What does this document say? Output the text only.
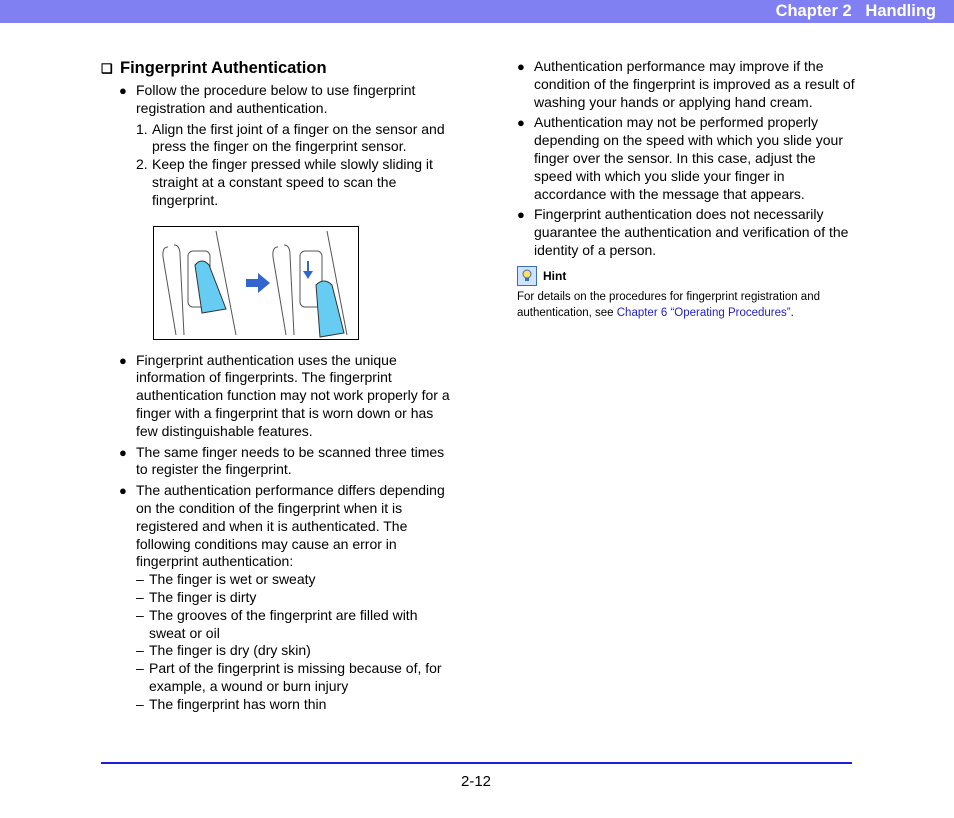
Chapter 2   Handling
❏ Fingerprint Authentication
● Follow the procedure below to use fingerprint registration and authentication.
1. Align the first joint of a finger on the sensor and press the finger on the fingerprint sensor.
2. Keep the finger pressed while slowly sliding it straight at a constant speed to scan the fingerprint.
● Fingerprint authentication uses the unique information of fingerprints. The fingerprint authentication function may not work properly for a finger with a fingerprint that is worn down or has few distinguishable features.
● The same finger needs to be scanned three times to register the fingerprint.
● The authentication performance differs depending on the condition of the fingerprint when it is registered and when it is authenticated. The following conditions may cause an error in fingerprint authentication:
– The finger is wet or sweaty
– The finger is dirty
– The grooves of the fingerprint are filled with sweat or oil
– The finger is dry (dry skin)
– Part of the fingerprint is missing because of, for example, a wound or burn injury
– The fingerprint has worn thin
● Authentication performance may improve if the condition of the fingerprint is improved as a result of washing your hands or applying hand cream.
● Authentication may not be performed properly depending on the speed with which you slide your finger over the sensor. In this case, adjust the speed with which you slide your finger in accordance with the message that appears.
● Fingerprint authentication does not necessarily guarantee the authentication and verification of the identity of a person.
Hint
For details on the procedures for fingerprint registration and authentication, see Chapter 6 “Operating Procedures”.
2-12
